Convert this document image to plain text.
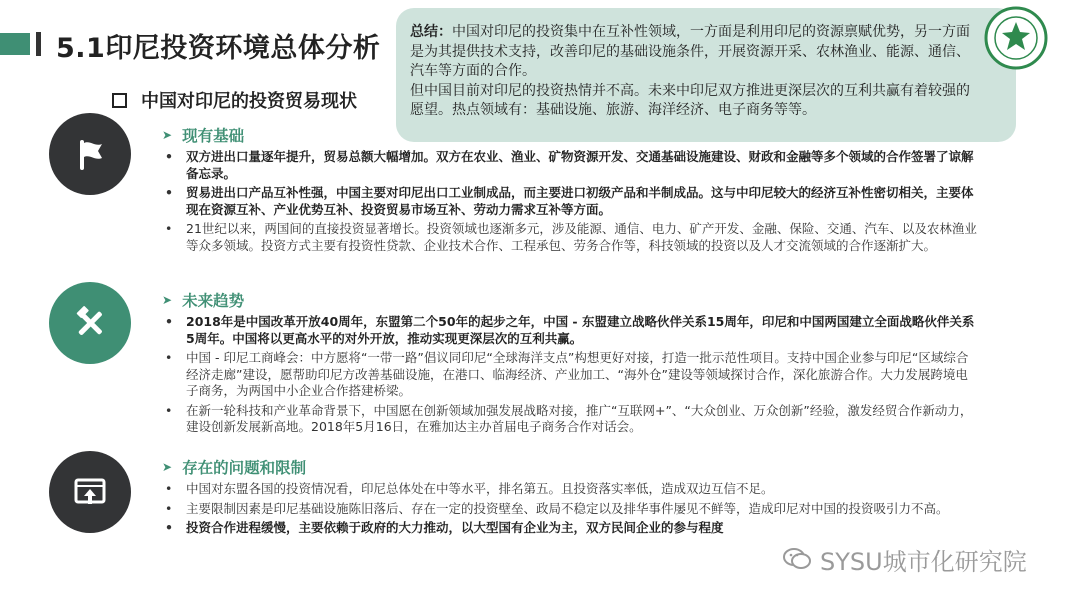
5.1印尼投资环境总体分析
中国对印尼的投资贸易现状

总结：中国对印尼的投资集中在互补性领域，一方面是利用印尼的资源禀赋优势，另一方面是为其提供技术支持，改善印尼的基础设施条件，开展资源开采、农林渔业、能源、通信、汽车等方面的合作。

但中国目前对印尼的投资热情并不高。未来中印尼双方推进更深层次的互利共赢有着较强的愿望。热点领域有：基础设施、旅游、海洋经济、电子商务等等。

➤ 现有基础
• 双方进出口量逐年提升，贸易总额大幅增加。双方在农业、渔业、矿物资源开发、交通基础设施建设、财政和金融等多个领域的合作签署了谅解备忘录。
• 贸易进出口产品互补性强，中国主要对印尼出口工业制成品，而主要进口初级产品和半制成品。这与中印尼较大的经济互补性密切相关，主要体现在资源互补、产业优势互补、投资贸易市场互补、劳动力需求互补等方面。
• 21世纪以来，两国间的直接投资显著增长。投资领域也逐渐多元，涉及能源、通信、电力、矿产开发、金融、保险、交通、汽车、以及农林渔业等众多领域。投资方式主要有投资性贷款、企业技术合作、工程承包、劳务合作等，科技领域的投资以及人才交流领域的合作逐渐扩大。
➤ 未来趋势
• 2018年是中国改革开放40周年，东盟第二个50年的起步之年，中国 - 东盟建立战略伙伴关系15周年，印尼和中国两国建立全面战略伙伴关系5周年。中国将以更高水平的对外开放，推动实现更深层次的互利共赢。
• 中国 - 印尼工商峰会：中方愿将“一带一路”倡议同印尼“全球海洋支点”构想更好对接，打造一批示范性项目。支持中国企业参与印尼“区域综合经济走廊”建设，愿帮助印尼方改善基础设施，在港口、临海经济、产业加工、“海外仓”建设等领域探讨合作，深化旅游合作。大力发展跨境电子商务，为两国中小企业合作搭建桥梁。
• 在新一轮科技和产业革命背景下，中国愿在创新领域加强发展战略对接，推广“互联网+”、“大众创业、万众创新”经验，激发经贸合作新动力，建设创新发展新高地。2018年5月16日，在雅加达主办首届电子商务合作对话会。
➤ 存在的问题和限制
• 中国对东盟各国的投资情况看，印尼总体处在中等水平，排名第五。且投资落实率低，造成双边互信不足。
• 主要限制因素是印尼基础设施陈旧落后、存在一定的投资壁垒、政局不稳定以及排华事件屡见不鲜等，造成印尼对中国的投资吸引力不高。
• 投资合作进程缓慢，主要依赖于政府的大力推动，以大型国有企业为主，双方民间企业的参与程度
SYSU城市化研究院
